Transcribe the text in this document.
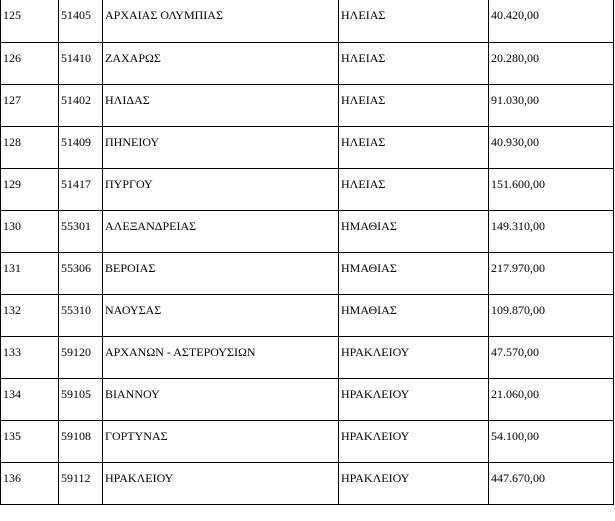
125	51405	ΑΡΧΑΙΑΣ ΟΛΥΜΠΙΑΣ	ΗΛΕΙΑΣ	40.420,00
126	51410	ΖΑΧΑΡΩΣ	ΗΛΕΙΑΣ	20.280,00
127	51402	ΗΛΙΔΑΣ	ΗΛΕΙΑΣ	91.030,00
128	51409	ΠΗΝΕΙΟΥ	ΗΛΕΙΑΣ	40.930,00
129	51417	ΠΥΡΓΟΥ	ΗΛΕΙΑΣ	151.600,00
130	55301	ΑΛΕΞΑΝΔΡΕΙΑΣ	ΗΜΑΘΙΑΣ	149.310,00
131	55306	ΒΕΡΟΙΑΣ	ΗΜΑΘΙΑΣ	217.970,00
132	55310	ΝΑΟΥΣΑΣ	ΗΜΑΘΙΑΣ	109.870,00
133	59120	ΑΡΧΑΝΩΝ - ΑΣΤΕΡΟΥΣΙΩΝ	ΗΡΑΚΛΕΙΟΥ	47.570,00
134	59105	ΒΙΑΝΝΟΥ	ΗΡΑΚΛΕΙΟΥ	21.060,00
135	59108	ΓΟΡΤΥΝΑΣ	ΗΡΑΚΛΕΙΟΥ	54.100,00
136	59112	ΗΡΑΚΛΕΙΟΥ	ΗΡΑΚΛΕΙΟΥ	447.670,00
